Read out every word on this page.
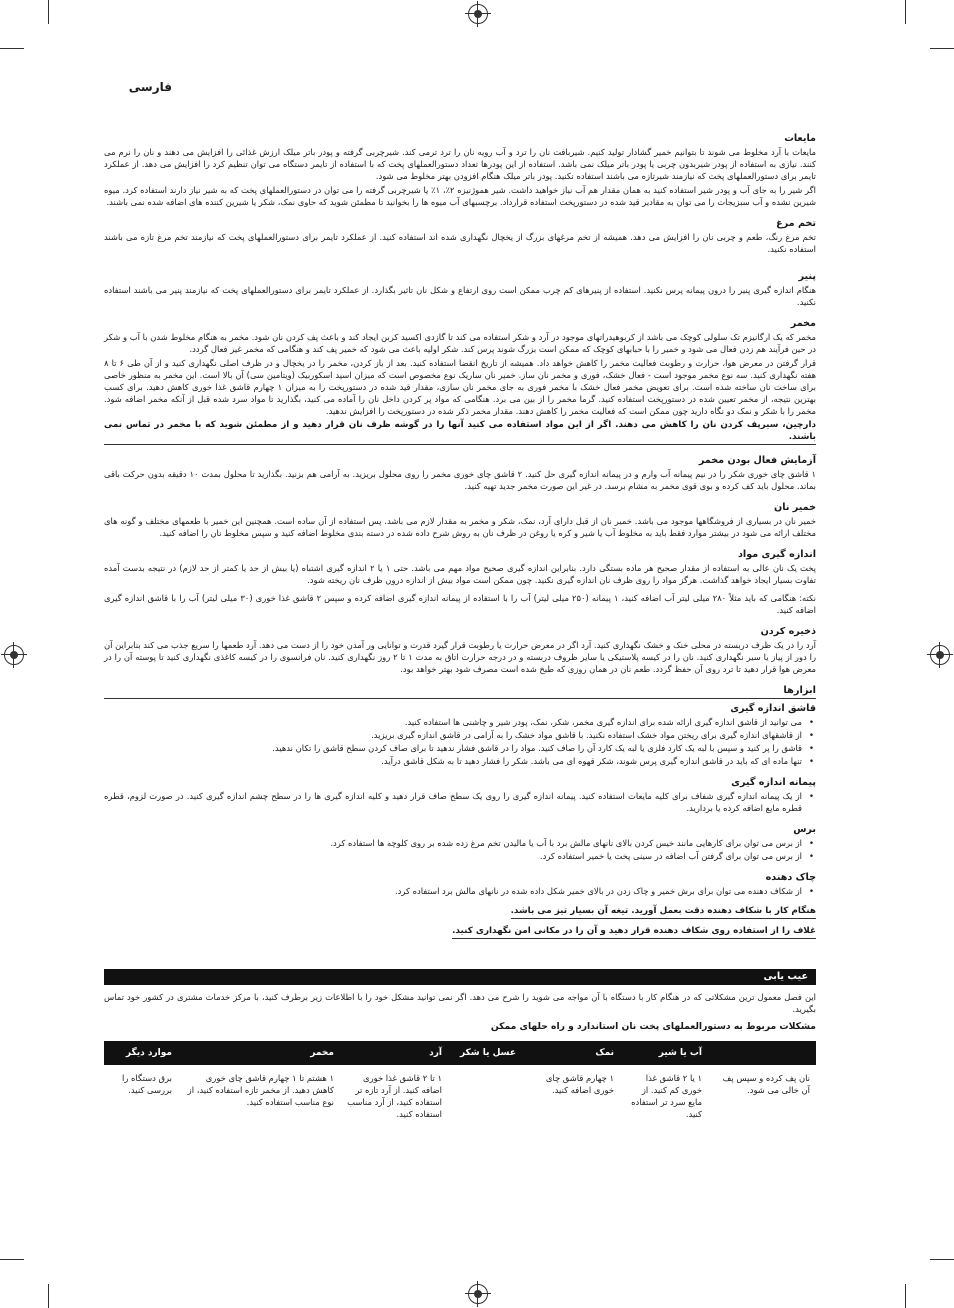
فارسی
مایعات

مایعات با آرد مخلوط می شوند تا بتوانیم خمیر گشادار تولید کنیم. شیربافت نان را ترد و آب رویه نان را ترد ترمی کند. شیرچربی گرفته و پودر باتر میلک ارزش غذائی را افزایش می دهند و نان را نرم می کنند. نیازی به استفاده از پودر شیربدون چربی یا پودر باتر میلک نمی باشد. استفاده از این پودرها تعداد دستورالعملهای پخت که با استفاده از تایمر دستگاه می توان تنظیم کرد را افزایش می دهد. از عملکرد تایمر برای دستورالعملهای پخت که نیازمند شیرتازه می باشند استفاده نکنید. پودر باتر میلک هنگام افزودن بهتر مخلوط می شود.

اگر شیر را به جای آب و پودر شیر استفاده کنید به همان مقدار هم آب نیاز خواهید داشت. شیر هموژنیزه ۲٪، ۱٪ یا شیرچربی گرفته را می توان در دستورالعملهای پخت که به شیر نیاز دارند استفاده کرد. میوه شیرین نشده و آب سبزیجات را می توان به مقادیر قید شده در دستورپخت استفاده قرارداد. برچسبهای آب میوه ها را بخوانید تا مطمئن شوید که حاوی نمک، شکر یا شیرین کننده های اضافه شده نمی باشند.

تخم مرغ

تخم مرغ رنگ، طعم و چربی نان را افزایش می دهد. همیشه از تخم مرغهای بزرگ از یخچال نگهداری شده اند استفاده کنید. از عملکرد تایمر برای دستورالعملهای پخت که نیازمند تخم مرغ تازه می باشند استفاده نکنید.

پنیر

هنگام اندازه گیری پنیر را درون پیمانه پرس نکنید. استفاده از پنیرهای کم چرب ممکن است روی ارتفاع و شکل نان تاثیر بگذارد. از عملکرد تایمر برای دستورالعملهای پخت که نیازمند پنیر می باشند استفاده نکنید.

مخمر

مخمر که یک ارگانیزم تک سلولی کوچک می باشد از کربوهیدراتهای موجود در آرد و شکر استفاده می کند تا گازدی اکسید کربن ایجاد کند و باعث پف کردن نان شود. مخمر به هنگام مخلوط شدن با آب و شکر در حین فرآیند هم زدن فعال می شود و خمیر را با حبابهای کوچک که ممکن است بزرگ شوند پرس کند. شکر اولیه باعث می شود که خمیر پف کند و هنگامی که مخمر غیر فعال گردد.

قرار گرفتن در معرض هوا، حرارت و رطوبت فعالیت مخمر را کاهش خواهد داد. همیشه از تاریخ انقضا استفاده کنید. بعد از باز کردن، مخمر را در یخچال و در ظرف اصلی نگهداری کنید و از آن طی ۶ تا ۸ هفته نگهداری کنید. سه نوع مخمر موجود است - فعال خشک، فوری و مخمر نان ساز. خمیر نان ساریک نوع مخصوص است که میزان اسید اسکوربیک (ویتامین سی) آن بالا است. این مخمر به منظور خاصی برای ساخت نان ساخته شده است. برای تعویض مخمر فعال خشک با مخمر فوری به جای مخمر نان سازی، مقدار قید شده در دستورپخت را به میزان ۱ چهارم قاشق غذا خوری کاهش دهید. برای کسب بهترین نتیجه، از مخمر تعیین شده در دستورپخت استفاده کنید. گرما مخمر را از بین می برد. هنگامی که مواد پر کردن داخل نان را آماده می کنید، بگذارید تا مواد سرد شده قبل از آنکه مخمر اضافه شود. مخمر را با شکر و نمک دو نگاه دارید چون ممکن است که فعالیت مخمر را کاهش دهند. مقدار مخمر ذکر شده در دستورپخت را افزایش ندهید.

دارچین، سیرپف کردن نان را کاهش می دهند. اگر از این مواد استفاده می کنید آنها را در گوشه ظرف نان قرار دهید و از مطمئن شوید که با مخمر در تماس نمی باشند.
آزمایش فعال بودن مخمر

۱ قاشق چای خوری شکر را در نیم پیمانه آب وارم و در پیمانه اندازه گیری حل کنید. ۲ قاشق چای خوری مخمر را روی محلول بریزید. به آرامی هم بزنید. بگذارید تا محلول بمدت ۱۰ دقیقه بدون حرکت باقی بماند. محلول باید کف کرده و بوی قوی مخمر به مشام برسد. در غیر این صورت مخمر جدید تهیه کنید.

خمیر نان

خمیر نان در بسیاری از فروشگاهها موجود می باشد. خمیر نان از قبل دارای آرد، نمک، شکر و مخمر به مقدار لازم می باشد. پس استفاده از آن ساده است. همچنین این خمیر با طعمهای مختلف و گونه های مختلف ارائه می شود در بیشتر موارد فقط باید به مخلوط آب یا شیر و کره یا روغن در ظرف نان به روش شرح داده شده در دسته بندی مخلوط اضافه کنید و سپس مخلوط نان را اضافه کنید.

اندازه گیری مواد

پخت یک نان عالی به استفاده از مقدار صحیح هر ماده بستگی دارد. بنابراین اندازه گیری صحیح مواد مهم می باشد. حتی ۱ یا ۲ اندازه گیری اشتباه (یا بیش از حد یا کمتر از حد لازم) در نتیجه بدست آمده تفاوت بسیار ایجاد خواهد گذاشت. هرگز مواد را روی ظرف نان اندازه گیری نکنید. چون ممکن است مواد بیش از اندازه درون ظرف نان ریخته شود.

نکته: هنگامی که باید مثلاً ۲۸۰ میلی لیتر آب اضافه کنید، ۱ پیمانه (۲۵۰ میلی لیتر) آب را با استفاده از پیمانه اندازه گیری اضافه کرده و سپس ۲ قاشق غذا خوری (۳۰ میلی لیتر) آب را با قاشق اندازه گیری اضافه کنید.

ذخیره کردن

آرد را در یک ظرف دربسته در محلی خنک و خشک نگهداری کنید. آرد اگر در معرض حرارت یا رطوبت قرار گیرد قدرت و توانایی ور آمدن خود را از دست می دهد. آرد طعمها را سریع جذب می کند بنابراین آن را دور از پیاز یا سیر نگهداری کنید. نان را در کیسه پلاستیکی یا سایر ظروف دربسته و در درجه حرارت اتاق به مدت ۱ تا ۲ روز نگهداری کنید. نان فرانسوی را در کیسه کاغذی نگهداری کنید تا پوسته آن را در معرض هوا قرار دهید تا ترد روی آن حفظ گردد. طعم نان در همان روزی که طبخ شده است مصرف شود بهتر خواهد بود.

ابزارها
قاشق اندازه گیری
• می توانید از قاشق اندازه گیری ارائه شده برای اندازه گیری مخمر، شکر، نمک، پودر شیر و چاشنی ها استفاده کنید.
• از قاشقهای اندازه گیری برای ریختن مواد خشک استفاده نکنید. با قاشق مواد خشک را به آرامی در قاشق اندازه گیری بریزید.
• قاشق را پر کنید و سپس با لبه یک کارد فلزی یا لبه یک کارد آن را صاف کنید. مواد را در قاشق فشار ندهید تا برای صاف کردن سطح قاشق را تکان ندهید.
• تنها ماده ای که باید در قاشق اندازه گیری پرس شوند، شکر قهوه ای می باشد. شکر را فشار دهید تا به شکل قاشق درآید.
پیمانه اندازه گیری
• از یک پیمانه اندازه گیری شفاف برای کلیه مایعات استفاده کنید. پیمانه اندازه گیری را روی یک سطح صاف قرار دهید و کلیه اندازه گیری ها را در سطح چشم اندازه گیری کنید. در صورت لزوم، قطره قطره مایع اضافه کرده یا بردارید.
برس
• از برس می توان برای کارهایی مانند خیس کردن بالای نانهای مالش برد با آب یا مالیدن تخم مرغ زده شده بر روی کلوچه ها استفاده کرد.
• از برس می توان برای گرفتن آب اضافه در سینی پخت یا خمیر استفاده کرد.
چاک دهنده
• از شکاف دهنده می توان برای برش خمیر و چاک زدن در بالای خمیر شکل داده شده در نانهای مالش برد استفاده کرد.
هنگام کار با شکاف دهنده دقت بعمل آورید. تیغه آن بسیار تیز می باشد.
غلاف را از استفاده روی شکاف دهنده قرار دهید و آن را در مکانی امن نگهداری کنید.
عیب یابی

این فصل معمول ترین مشکلاتی که در هنگام کار با دستگاه با آن مواجه می شوید را شرح می دهد. اگر نمی توانید مشکل خود را با اطلاعات زیر برطرف کنید، با مرکز خدمات مشتری در کشور خود تماس بگیرید.

مشکلات مربوط به دستورالعملهای پخت نان استاندارد و راه حلهای ممکن
	آب یا شیر	نمک	عسل یا شکر	آرد	مخمر	موارد دیگر
نان پف کرده و سپس پف آن خالی می شود.	۱ یا ۲ قاشق غذا خوری کم کنید. از مایع سرد تر استفاده کنید.	۱ چهارم قاشق چای خوری اضافه کنید.		۱ تا ۲ قاشق غذا خوری اضافه کنید. از آرد تازه تر استفاده کنید، از آرد مناسب استفاده کنید.	۱ هشتم تا ۱ چهارم قاشق چای خوری کاهش دهید. از مخمر تازه استفاده کنید، از نوع مناسب استفاده کنید.	برق دستگاه را بررسی کنید.
